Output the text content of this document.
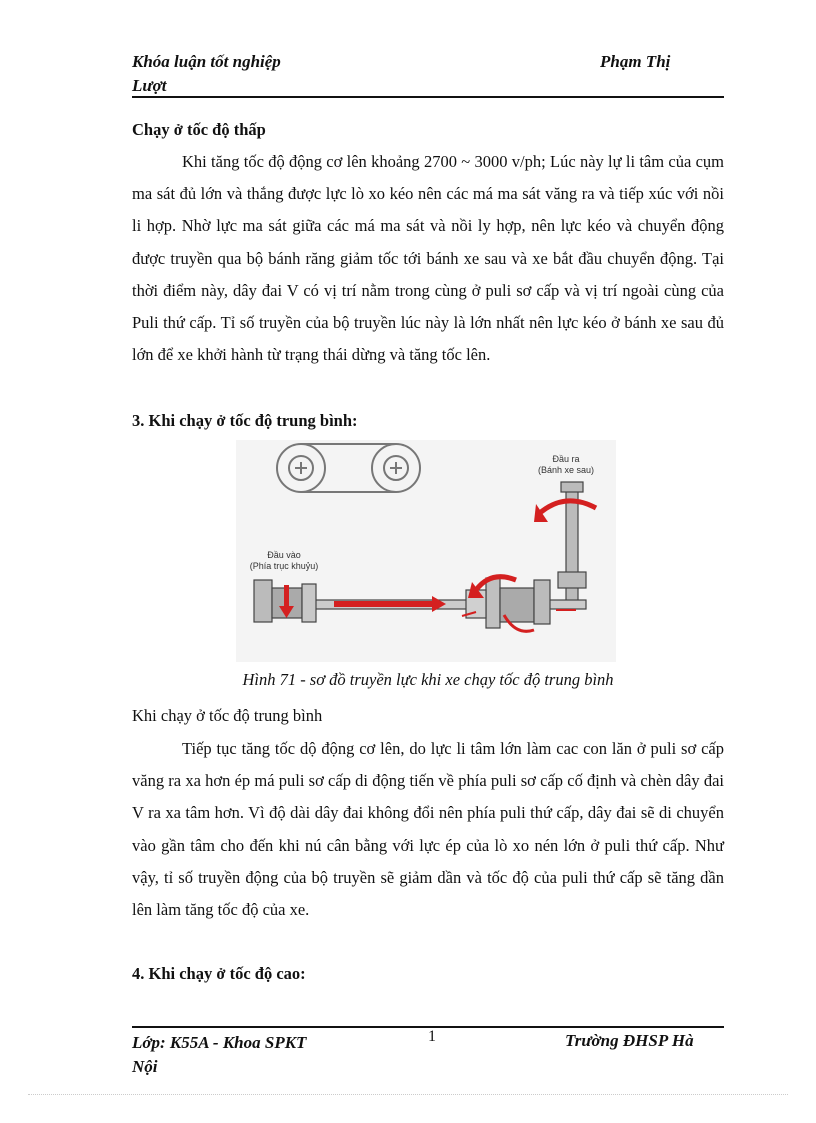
Khóa luận tốt nghiệp
Lượt
Phạm Thị
Chạy ở tốc độ thấp
Khi tăng tốc độ động cơ lên khoảng 2700 ~ 3000 v/ph; Lúc này lự li tâm của cụm ma sát đủ lớn và thắng được lực lò xo kéo nên các má ma sát văng ra và tiếp xúc với nồi li hợp. Nhờ lực ma sát giữa các má ma sát và nồi ly hợp, nên lực kéo và chuyển động được truyền qua bộ bánh răng giảm tốc tới bánh xe sau và xe bắt đầu chuyển động. Tại thời điểm này, dây đai V có vị trí nằm trong cùng ở puli sơ cấp và vị trí ngoài cùng của Puli thứ cấp. Tỉ số truyền của bộ truyền lúc này là lớn nhất nên lực kéo ở bánh xe sau đủ lớn để xe khởi hành từ trạng thái dừng và tăng tốc lên.
3. Khi chạy ở tốc độ trung bình:
Đầu ra
(Bánh xe sau)
Đầu vào
(Phía trục khuỷu)
Hình 71 - sơ đồ truyền lực khi xe chạy tốc độ trung bình
Khi chạy ở tốc độ trung bình
Tiếp tục tăng tốc dộ động cơ lên, do lực li tâm lớn làm cac con lăn ở puli sơ cấp văng ra xa hơn ép má puli sơ cấp di động tiến về phía puli sơ cấp cố định và chèn dây đai V ra xa tâm hơn. Vì độ dài dây đai không đổi nên phía puli thứ cấp, dây đai sẽ di chuyển vào gần tâm cho đến khi nú cân bằng với lực ép của lò xo nén lớn ở puli thứ cấp. Như vậy, tỉ số truyền động của bộ truyền sẽ giảm dần và tốc độ của puli thứ cấp sẽ tăng dần lên làm tăng tốc độ của xe.
4. Khi chạy ở tốc độ cao:
Lớp: K55A - Khoa SPKT
Nội
1	Trường ĐHSP Hà
